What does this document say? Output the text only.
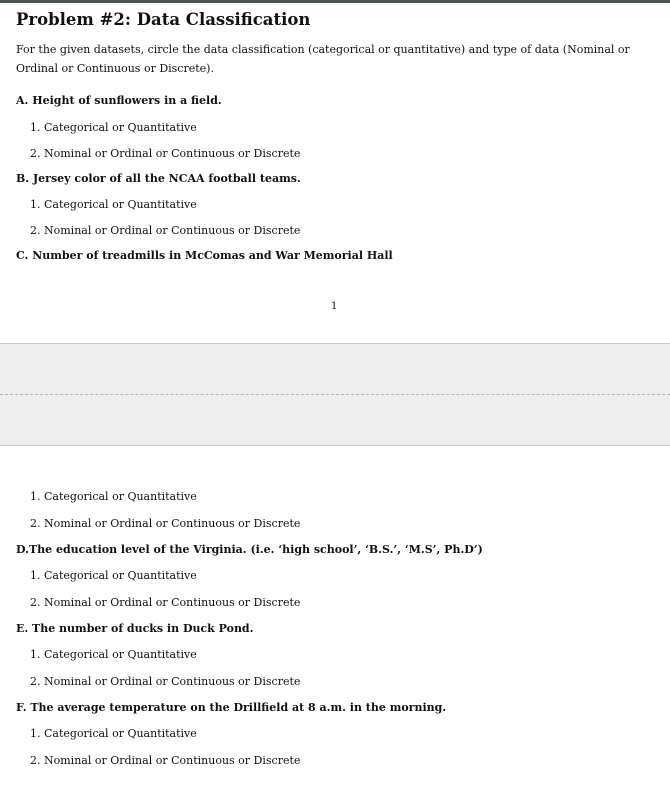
Problem #2: Data Classification
For the given datasets, circle the data classification (categorical or quantitative) and type of data (Nominal or Ordinal or Continuous or Discrete).
A. Height of sunflowers in a field.
1. Categorical or Quantitative
2. Nominal or Ordinal or Continuous or Discrete
B. Jersey color of all the NCAA football teams.
1. Categorical or Quantitative
2. Nominal or Ordinal or Continuous or Discrete
C. Number of treadmills in McComas and War Memorial Hall
1
1. Categorical or Quantitative
2. Nominal or Ordinal or Continuous or Discrete
D.The education level of the Virginia. (i.e. ‘high school’, ‘B.S.’, ‘M.S’, Ph.D’)
1. Categorical or Quantitative
2. Nominal or Ordinal or Continuous or Discrete
E. The number of ducks in Duck Pond.
1. Categorical or Quantitative
2. Nominal or Ordinal or Continuous or Discrete
F. The average temperature on the Drillfield at 8 a.m. in the morning.
1. Categorical or Quantitative
2. Nominal or Ordinal or Continuous or Discrete
